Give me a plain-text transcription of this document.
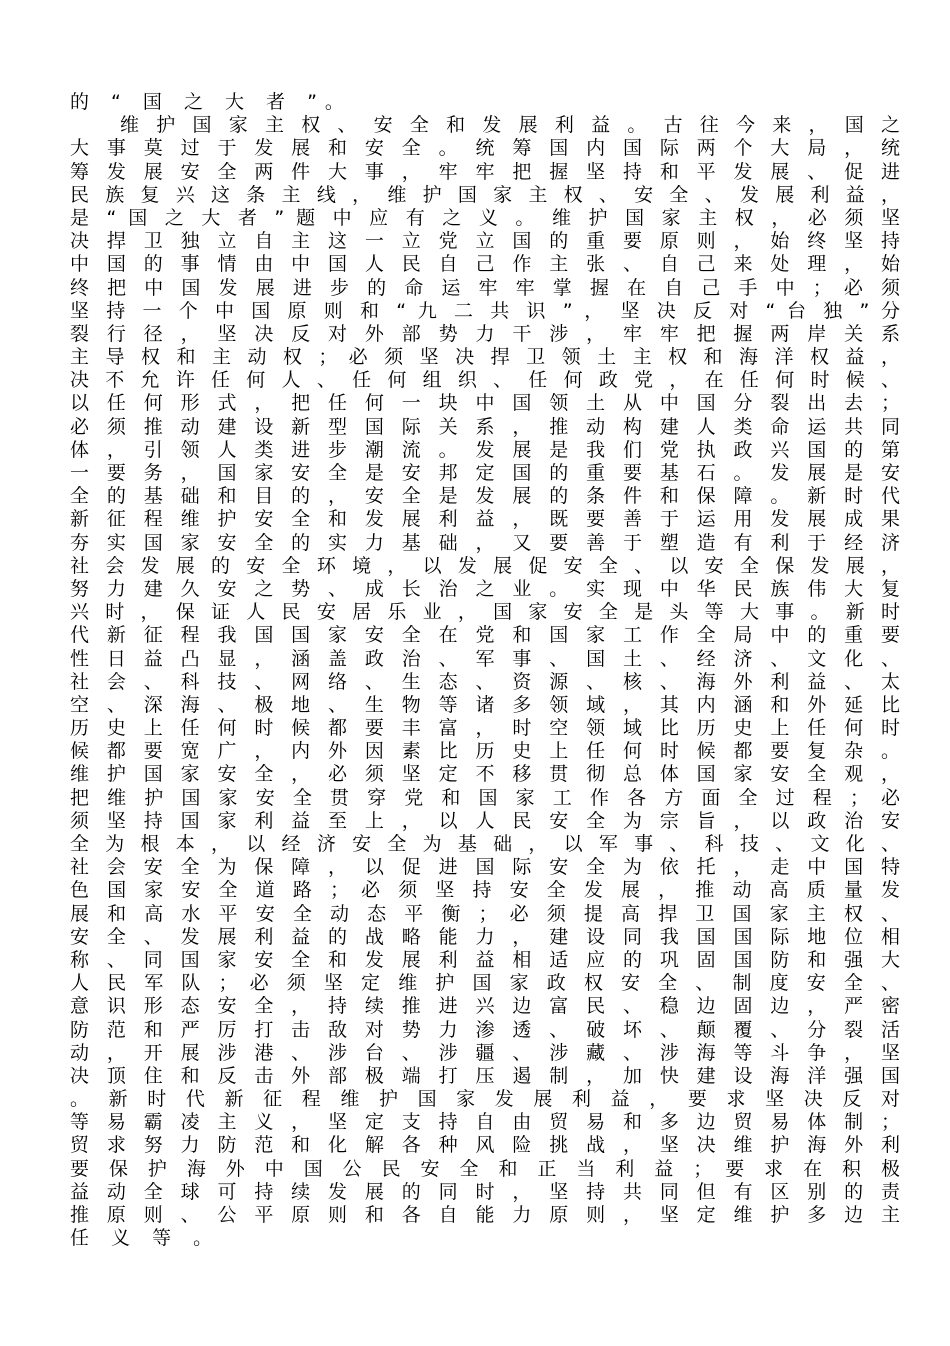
的 “ 国 之 大 者 ”。
维 护 国 家 主 权 、 安 全 和 发 展 利 益 。 古 往 今 来 ， 国 之
大 事 莫 过 于 发 展 和 安 全 。 统 筹 国 内 国 际 两 个 大 局 ， 统
筹 发 展 安 全 两 件 大 事 ， 牢 牢 把 握 坚 持 和 平 发 展 、 促 进
民 族 复 兴 这 条 主 线 ， 维 护 国 家 主 权 、 安 全 、 发 展 利 益 ，
是 “ 国 之 大 者 ” 题 中 应 有 之 义 。 维 护 国 家 主 权 ， 必 须 坚
决 捍 卫 独 立 自 主 这 一 立 党 立 国 的 重 要 原 则 ， 始 终 坚 持
中 国 的 事 情 由 中 国 人 民 自 己 作 主 张 、 自 己 来 处 理 ， 始
终 把 中 国 发 展 进 步 的 命 运 牢 牢 掌 握 在 自 己 手 中 ； 必 须
坚 持 一 个 中 国 原 则 和 “ 九 二 共 识 ” ， 坚 决 反 对 “ 台 独 ” 分
裂 行 径 ， 坚 决 反 对 外 部 势 力 干 涉 ， 牢 牢 把 握 两 岸 关 系
主 导 权 和 主 动 权 ； 必 须 坚 决 捍 卫 领 土 主 权 和 海 洋 权 益 ，
决 不 允 许 任 何 人 、 任 何 组 织 、 任 何 政 党 ， 在 任 何 时 候 、
以 任 何 形 式 ， 把 任 何 一 块 中 国 领 土 从 中 国 分 裂 出 去 ；
必 须 推 动 建 设 新 型 国 际 关 系 ， 推 动 构 建 人 类 命 运 共 同
体 ， 引 领 人 类 进 步 潮 流 。 发 展 是 我 们 党 执 政 兴 国 的 第
一 要 务 ， 国 家 安 全 是 安 邦 定 国 的 重 要 基 石 。 发 展 是 安
全 的 基 础 和 目 的 ， 安 全 是 发 展 的 条 件 和 保 障 。 新 时 代
新 征 程 维 护 安 全 和 发 展 利 益 ， 既 要 善 于 运 用 发 展 成 果
夯 实 国 家 安 全 的 实 力 基 础 ， 又 要 善 于 塑 造 有 利 于 经 济
社 会 发 展 的 安 全 环 境 ， 以 发 展 促 安 全 、 以 安 全 保 发 展 ，
努 力 建 久 安 之 势 、 成 长 治 之 业 。 实 现 中 华 民 族 伟 大 复
兴 时 ， 保 证 人 民 安 居 乐 业 ， 国 家 安 全 是 头 等 大 事 。 新 时
代 新 征 程 我 国 国 家 安 全 在 党 和 国 家 工 作 全 局 中 的 重 要
性 日 益 凸 显 ， 涵 盖 政 治 、 军 事 、 国 土 、 经 济 、 文 化 、
社 会 、 科 技 、 网 络 、 生 态 、 资 源 、 核 、 海 外 利 益 、 太
空 、 深 海 、 极 地 、 生 物 等 诸 多 领 域 ， 其 内 涵 和 外 延 比
历 史 上 任 何 时 候 都 要 丰 富 ， 时 空 领 域 比 历 史 上 任 何 时
候 都 要 宽 广 ， 内 外 因 素 比 历 史 上 任 何 时 候 都 要 复 杂 。
维 护 国 家 安 全 ， 必 须 坚 定 不 移 贯 彻 总 体 国 家 安 全 观 ，
把 维 护 国 家 安 全 贯 穿 党 和 国 家 工 作 各 方 面 全 过 程 ； 必
须 坚 持 国 家 利 益 至 上 ， 以 人 民 安 全 为 宗 旨 ， 以 政 治 安
全 为 根 本 ， 以 经 济 安 全 为 基 础 ， 以 军 事 、 科 技 、 文 化 、
社 会 安 全 为 保 障 ， 以 促 进 国 际 安 全 为 依 托 ， 走 中 国 特
色 国 家 安 全 道 路 ； 必 须 坚 持 安 全 发 展 ， 推 动 高 质 量 发
展 和 高 水 平 安 全 动 态 平 衡 ； 必 须 提 高 捍 卫 国 家 主 权 、
安 全 、 发 展 利 益 的 战 略 能 力 ， 建 设 同 我 国 国 际 地 位 相
称 、 同 国 家 安 全 和 发 展 利 益 相 适 应 的 巩 固 国 防 和 强 大
人 民 军 队 ； 必 须 坚 定 维 护 国 家 政 权 安 全 、 制 度 安 全 、
意 识 形 态 安 全 ， 持 续 推 进 兴 边 富 民 、 稳 边 固 边 ， 严 密
防 范 和 严 厉 打 击 敌 对 势 力 渗 透 、 破 坏 、 颠 覆 、 分 裂 活
动 ， 开 展 涉 港 、 涉 台 、 涉 疆 、 涉 藏 、 涉 海 等 斗 争 ， 坚
决 顶 住 和 反 击 外 部 极 端 打 压 遏 制 ， 加 快 建 设 海 洋 强 国
。 新 时 代 新 征 程 维 护 国 家 发 展 利 益 ， 要 求 坚 决 反 对
等 易 霸 凌 主 义 ， 坚 定 支 持 自 由 贸 易 和 多 边 贸 易 体 制 ；
贸 求 努 力 防 范 和 化 解 各 种 风 险 挑 战 ， 坚 决 维 护 海 外 利
要 保 护 海 外 中 国 公 民 安 全 和 正 当 利 益 ； 要 求 在 积 极
益 动 全 球 可 持 续 发 展 的 同 时 ， 坚 持 共 同 但 有 区 别 的 责
推 原 则 、 公 平 原 则 和 各 自 能 力 原 则 ， 坚 定 维 护 多 边 主
任 义 等 。
